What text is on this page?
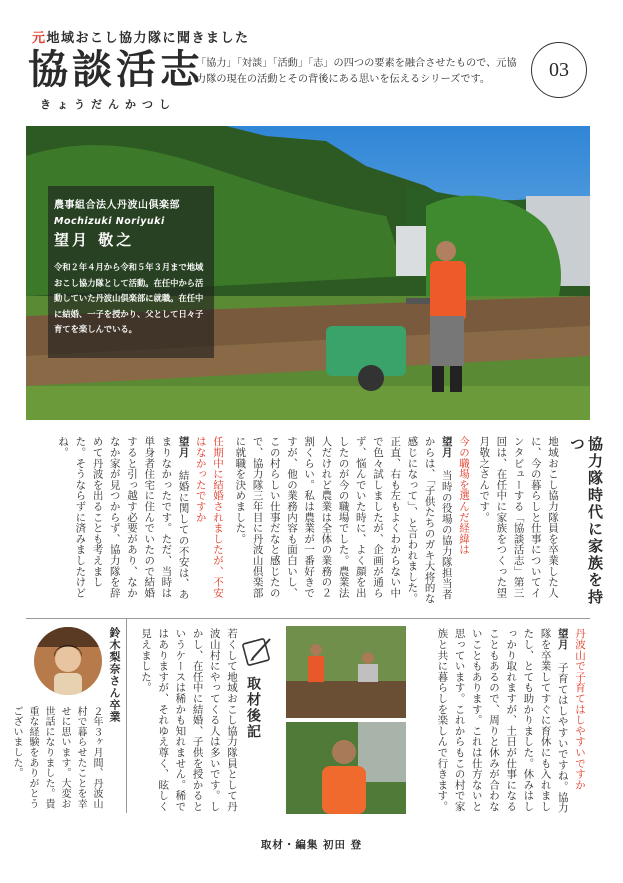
元地域おこし協力隊に聞きました
協談活志
きょうだんかつし
「協力」「対談」「活動」「志」の四つの要素を融合させたもので、元協力隊の現在の活動とその背後にある思いを伝えるシリーズです。	03
農事組合法人丹波山倶楽部
Mochizuki Noriyuki
望月 敬之
令和２年４月から令和５年３月まで地域おこし協力隊として活動。在任中から活動していた丹波山倶楽部に就職。在任中に結婚、一子を授かり、父として日々子育てを楽しんでいる。
協力隊時代に家族を持つ
地域おこし協力隊員を卒業した人に、今の暮らしと仕事についてインタビューする「協談活志」第三回は、在任中に家族をつくった望月敬之さんです。
今の職場を選んだ経緯は
望月 当時の役場の協力隊担当者からは、「子供たちのガキ大将的な感じになって」、と言われました。正直、右も左もよくわからない中で色々試しましたが、企画が通らず、悩んでいた時に、よく顔を出したのが今の職場でした。農業法人だけれど農業は全体の業務の２割くらい。私は農業が一番好きですが、他の業務内容も面白いし、この村らしい仕事だなと感じたので、協力隊三年目に丹波山倶楽部に就職を決めました。
任期中に結婚されましたが、不安はなかったですか
望月 結婚に関しての不安は、あまりなかったです。ただ、当時は単身者住宅に住んでいたので結婚すると引っ越す必要があり、なかなか家が見つからず、協力隊を辞めて丹波を出ることも考えました。そうならずに済みましたけどね。
丹波山で子育てはしやすいですか
望月 子育てはしやすいですね。協力隊を卒業してすぐに育休にも入れましたし、とても助かりました。休みはしっかり取れますが、土日が仕事になることもあるので、周りと休みが合わないこともあります。これは仕方ないと思っています。これからもこの村で家族と共に暮らしを楽しんで行きます。
取材後記
若くして地域おこし協力隊員として丹波山村にやってくる人は多いです。しかし、在任中に結婚、子供を授かるというケースは稀かも知れません。稀ではありますが、それゆえ尊く、眩しく見えました。
鈴木梨奈さん卒業
２年３ヶ月間、丹波山村で暮らせたことを幸せに思います。大変お世話になりました。貴重な経験をありがとうございました。
取材・編集 初田 登
